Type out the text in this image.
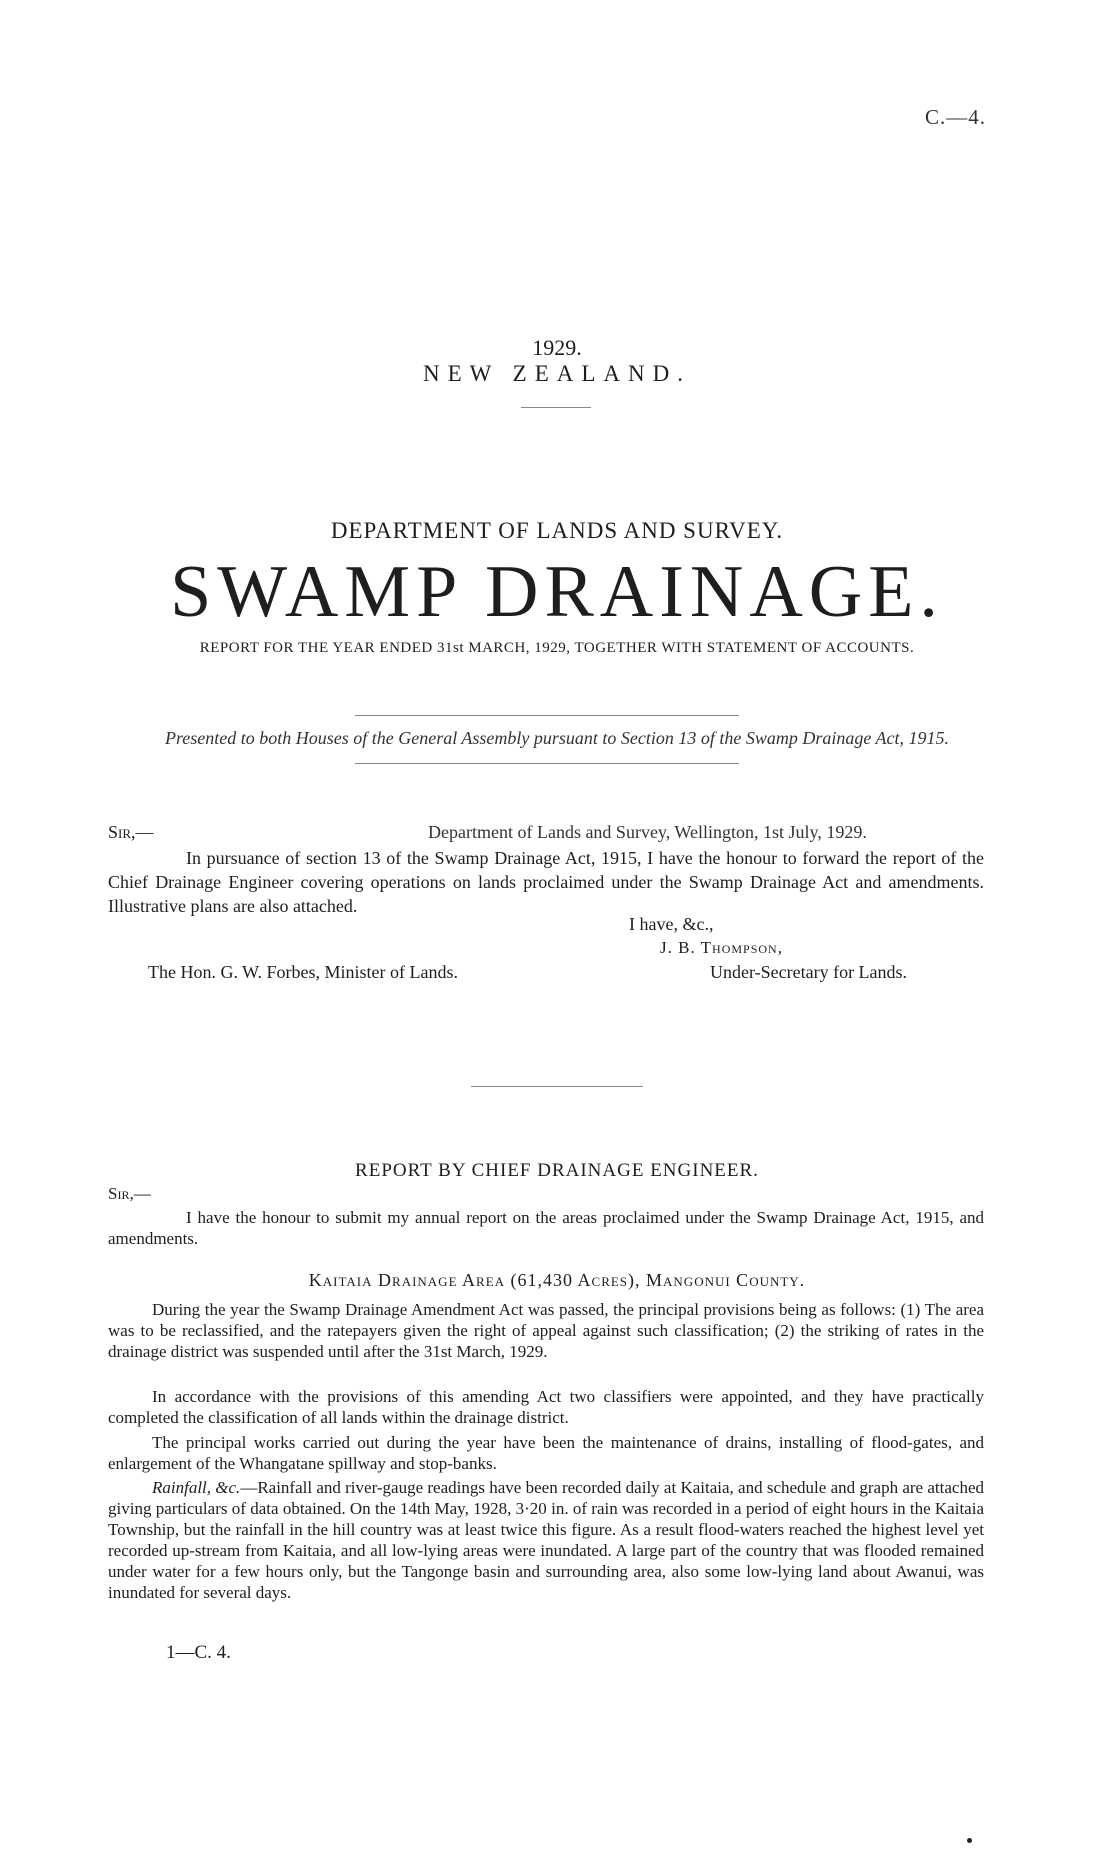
C.—4.
1929.
NEW ZEALAND.
DEPARTMENT OF LANDS AND SURVEY.
SWAMP DRAINAGE.
REPORT FOR THE YEAR ENDED 31st MARCH, 1929, TOGETHER WITH STATEMENT OF ACCOUNTS.
Presented to both Houses of the General Assembly pursuant to Section 13 of the Swamp Drainage Act, 1915.
Sir,—	Department of Lands and Survey, Wellington, 1st July, 1929.
In pursuance of section 13 of the Swamp Drainage Act, 1915, I have the honour to forward the report of the Chief Drainage Engineer covering operations on lands proclaimed under the Swamp Drainage Act and amendments. Illustrative plans are also attached.
I have, &c.,
J. B. Thompson,
The Hon. G. W. Forbes, Minister of Lands.	Under-Secretary for Lands.
REPORT BY CHIEF DRAINAGE ENGINEER.
Sir,—
I have the honour to submit my annual report on the areas proclaimed under the Swamp Drainage Act, 1915, and amendments.
Kaitaia Drainage Area (61,430 Acres), Mangonui County.
During the year the Swamp Drainage Amendment Act was passed, the principal provisions being as follows: (1) The area was to be reclassified, and the ratepayers given the right of appeal against such classification; (2) the striking of rates in the drainage district was suspended until after the 31st March, 1929.
In accordance with the provisions of this amending Act two classifiers were appointed, and they have practically completed the classification of all lands within the drainage district.
The principal works carried out during the year have been the maintenance of drains, installing of flood-gates, and enlargement of the Whangatane spillway and stop-banks.
Rainfall, &c.—Rainfall and river-gauge readings have been recorded daily at Kaitaia, and schedule and graph are attached giving particulars of data obtained. On the 14th May, 1928, 3·20 in. of rain was recorded in a period of eight hours in the Kaitaia Township, but the rainfall in the hill country was at least twice this figure. As a result flood-waters reached the highest level yet recorded up-stream from Kaitaia, and all low-lying areas were inundated. A large part of the country that was flooded remained under water for a few hours only, but the Tangonge basin and surrounding area, also some low-lying land about Awanui, was inundated for several days.
1—C. 4.
